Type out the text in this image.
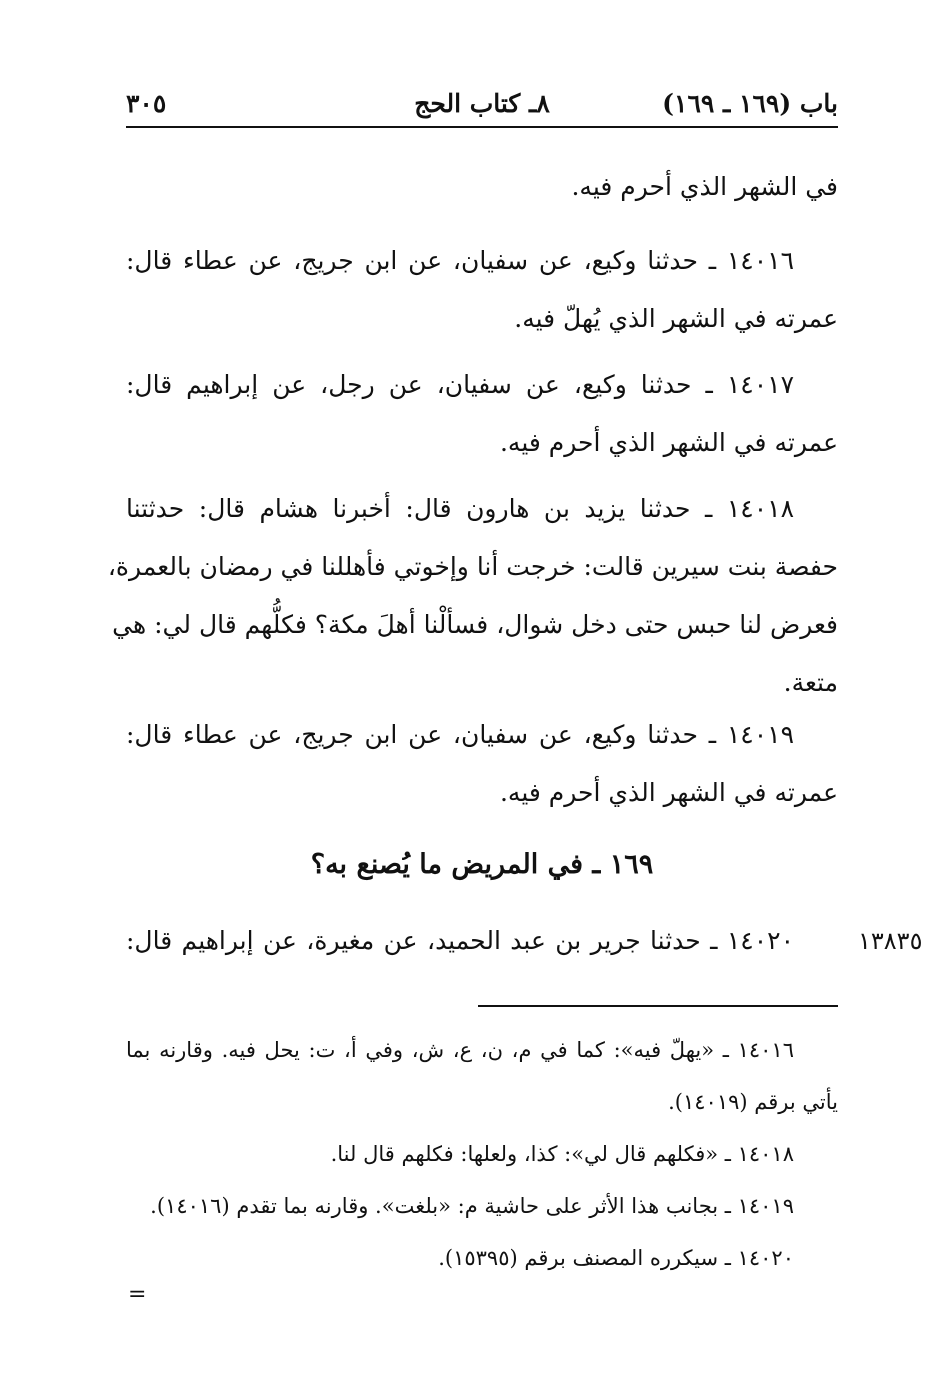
باب (١٦٩ ـ ١٦٩)
٨ـ كتاب الحج
٣٠٥
في الشهر الذي أحرم فيه.
١٤٠١٦ ـ حدثنا وكيع، عن سفيان، عن ابن جريج، عن عطاء قال:
عمرته في الشهر الذي يُهلّ فيه.
١٤٠١٧ ـ حدثنا وكيع، عن سفيان، عن رجل، عن إبراهيم قال:
عمرته في الشهر الذي أحرم فيه.
١٤٠١٨ ـ حدثنا يزيد بن هارون قال: أخبرنا هشام قال: حدثتنا
حفصة بنت سيرين قالت: خرجت أنا وإخوتي فأهللنا في رمضان بالعمرة،
فعرض لنا حبس حتى دخل شوال، فسألْنا أهلَ مكة؟ فكلُّهم قال لي: هي
متعة.
١٤٠١٩ ـ حدثنا وكيع، عن سفيان، عن ابن جريج، عن عطاء قال:
عمرته في الشهر الذي أحرم فيه.
١٦٩ ـ في المريض ما يُصنع به؟
١٣٨٣٥
١٤٠٢٠ ـ حدثنا جرير بن عبد الحميد، عن مغيرة، عن إبراهيم قال:
١٤٠١٦ ـ «يهلّ فيه»: كما في م، ن، ع، ش، وفي أ، ت: يحل فيه. وقارنه بما
يأتي برقم (١٤٠١٩).
١٤٠١٨ ـ «فكلهم قال لي»: كذا، ولعلها: فكلهم قال لنا.
١٤٠١٩ ـ بجانب هذا الأثر على حاشية م: «بلغت». وقارنه بما تقدم (١٤٠١٦).
١٤٠٢٠ ـ سيكرره المصنف برقم (١٥٣٩٥).
=
